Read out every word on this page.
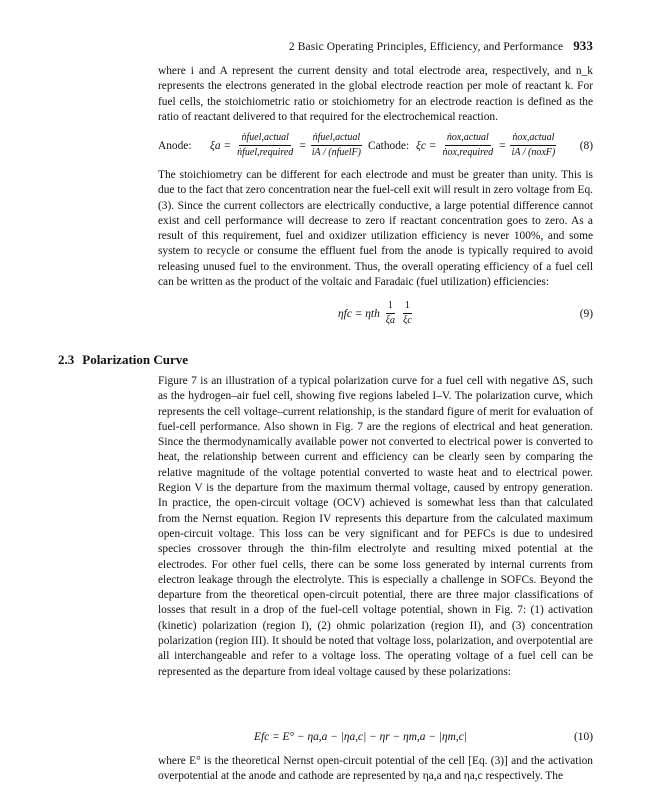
2 Basic Operating Principles, Efficiency, and Performance 933

where i and A represent the current density and total electrode area, respectively, and n_k represents the electrons generated in the global electrode reaction per mole of reactant k. For fuel cells, the stoichiometric ratio or stoichiometry for an electrode reaction is defined as the ratio of reactant delivered to that required for the electrochemical reaction.

Anode: $\xi a = \frac{\text{ṅfuel,actual}}{\text{ṅfuel,required}} = \frac{\text{ṅfuel,actual}}{\text{iA / (nfuelF)}}$ Cathode: $\xi c = \frac{\text{ṅox,actual}}{\text{ṅox,required}} = \frac{\text{ṅox,actual}}{\text{iA / (noxF)}} (8)$

The stoichiometry can be different for each electrode and must be greater than unity. This is due to the fact that zero concentration near the fuel-cell exit will result in zero voltage from Eq. (3). Since the current collectors are electrically conductive, a large potential difference cannot exist and cell performance will decrease to zero if reactant concentration goes to zero. As a result of this requirement, fuel and oxidizer utilization efficiency is never 100%, and some system to recycle or consume the effluent fuel from the anode is typically required to avoid releasing unused fuel to the environment. Thus, the overall operating efficiency of a fuel cell can be written as the product of the voltaic and Faradaic (fuel utilization) efficiencies:

ηfc = ηth $\frac{1}{\xi a} \frac{1}{\xi c}$	(9)
2.3 Polarization Curve

Figure 7 is an illustration of a typical polarization curve for a fuel cell with negative ΔS, such as the hydrogen–air fuel cell, showing five regions labeled I–V. The polarization curve, which represents the cell voltage–current relationship, is the standard figure of merit for evaluation of fuel-cell performance. Also shown in Fig. 7 are the regions of electrical and heat generation. Since the thermodynamically available power not converted to electrical power is converted to heat, the relationship between current and efficiency can be clearly seen by comparing the relative magnitude of the voltage potential converted to waste heat and to electrical power. Region V is the departure from the maximum thermal voltage, caused by entropy generation. In practice, the open-circuit voltage (OCV) achieved is somewhat less than that calculated from the Nernst equation. Region IV represents this departure from the calculated maximum open-circuit voltage. This loss can be very significant and for PEFCs is due to undesired species crossover through the thin-film electrolyte and resulting mixed potential at the electrodes. For other fuel cells, there can be some loss generated by internal currents from electron leakage through the electrolyte. This is especially a challenge in SOFCs. Beyond the departure from the theoretical open-circuit potential, there are three major classifications of losses that result in a drop of the fuel-cell voltage potential, shown in Fig. 7: (1) activation (kinetic) polarization (region I), (2) ohmic polarization (region II), and (3) concentration polarization (region III). It should be noted that voltage loss, polarization, and overpotential are all interchangeable and refer to a voltage loss. The operating voltage of a fuel cell can be represented as the departure from ideal voltage caused by these polarizations:

Efc = E° − ηa,a − |ηa,c| − ηr − ηm,a − |ηm,c|	(10)

where E° is the theoretical Nernst open-circuit potential of the cell [Eq. (3)] and the activation overpotential at the anode and cathode are represented by ηa,a and ηa,c respectively. The
